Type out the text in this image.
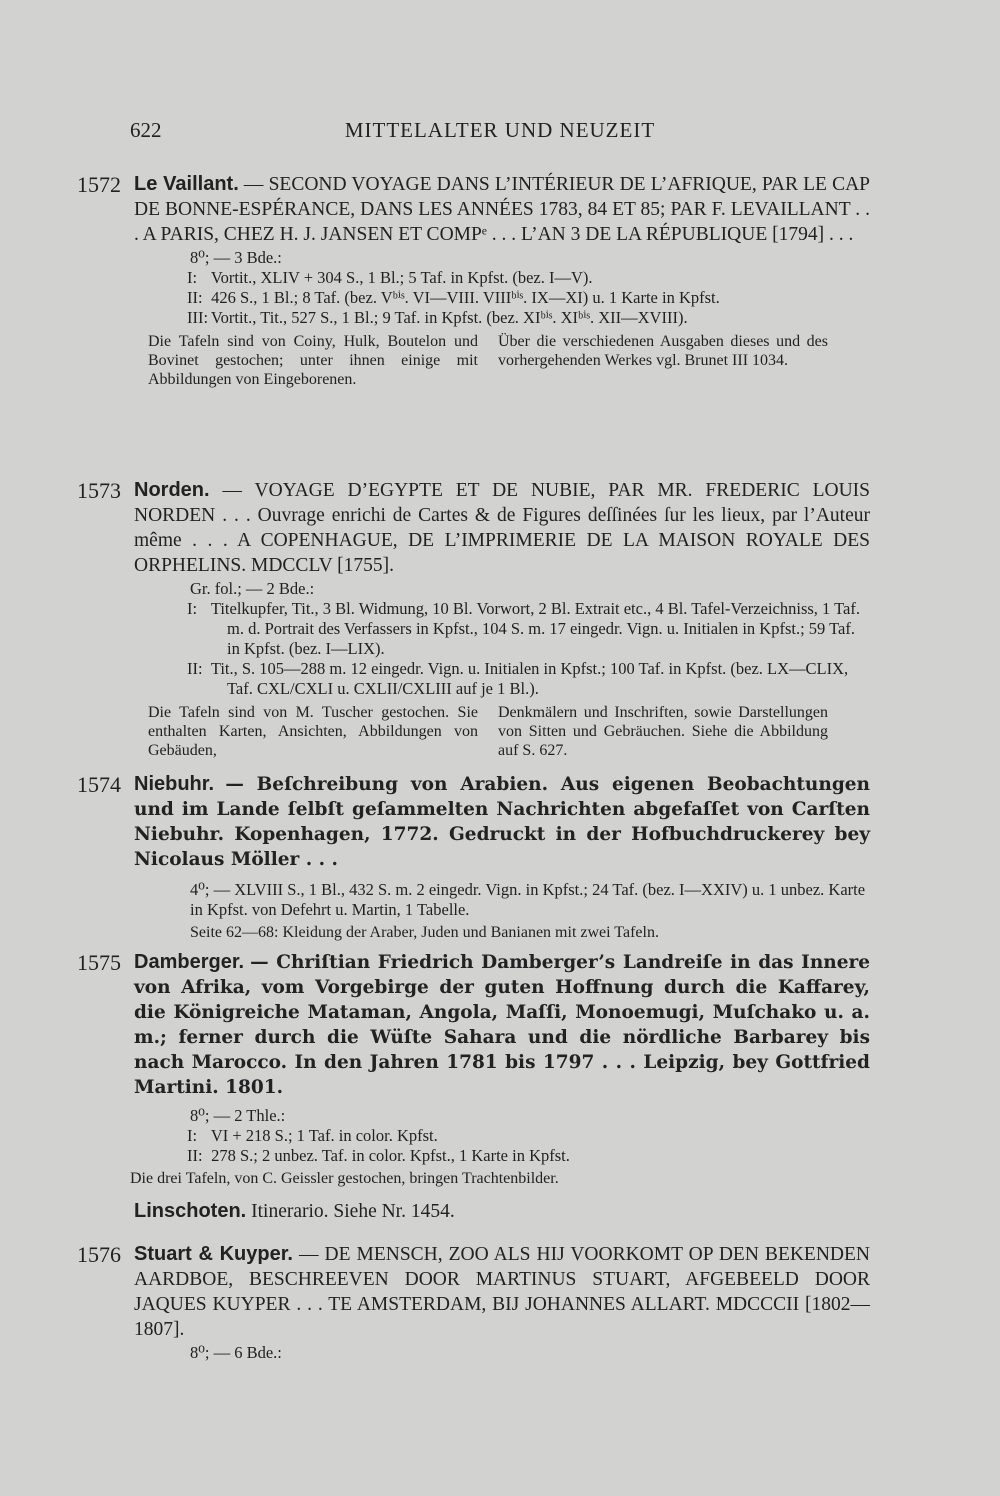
622	MITTELALTER UND NEUZEIT
1572 Le Vaillant. — SECOND VOYAGE DANS L’INTÉRIEUR DE L’AFRIQUE, PAR LE CAP DE BONNE-ESPÉRANCE, DANS LES ANNÉES 1783, 84 ET 85; PAR F. LEVAILLANT . . . A PARIS, CHEZ H. J. JANSEN ET COMPᵉ . . . L’AN 3 DE LA RÉPUBLIQUE [1794] . . .
8⁰; — 3 Bde.:
I: Vortit., XLIV + 304 S., 1 Bl.; 5 Taf. in Kpfst. (bez. I—V).
II: 426 S., 1 Bl.; 8 Taf. (bez. Vᵇⁱˢ. VI—VIII. VIIIᵇⁱˢ. IX—XI) u. 1 Karte in Kpfst.
III: Vortit., Tit., 527 S., 1 Bl.; 9 Taf. in Kpfst. (bez. XIᵇⁱˢ. XIᵇⁱˢ. XII—XVIII).
Die Tafeln sind von Coiny, Hulk, Boutelon und Bovinet gestochen; unter ihnen einige mit Abbildungen von Eingeborenen.
Über die verschiedenen Ausgaben dieses und des vorhergehenden Werkes vgl. Brunet III 1034.
1573 Norden. — VOYAGE D’EGYPTE ET DE NUBIE, PAR MR. FREDERIC LOUIS NORDEN . . . Ouvrage enrichi de Cartes & de Figures deſſinées ſur les lieux, par l’Auteur même . . . A COPENHAGUE, DE L’IMPRIMERIE DE LA MAISON ROYALE DES ORPHELINS. MDCCLV [1755].
Gr. fol.; — 2 Bde.:
I: Titelkupfer, Tit., 3 Bl. Widmung, 10 Bl. Vorwort, 2 Bl. Extrait etc., 4 Bl. Tafel-Verzeichniss, 1 Taf. m. d. Portrait des Verfassers in Kpfst., 104 S. m. 17 eingedr. Vign. u. Initialen in Kpfst.; 59 Taf. in Kpfst. (bez. I—LIX).
II: Tit., S. 105—288 m. 12 eingedr. Vign. u. Initialen in Kpfst.; 100 Taf. in Kpfst. (bez. LX—CLIX, Taf. CXL/CXLI u. CXLII/CXLIII auf je 1 Bl.).
Die Tafeln sind von M. Tuscher gestochen. Sie enthalten Karten, Ansichten, Abbildungen von Gebäuden,
Denkmälern und Inschriften, sowie Darstellungen von Sitten und Gebräuchen. Siehe die Abbildung auf S. 627.
1574 Niebuhr. — Beſchreibung von Arabien. Aus eigenen Beobachtungen und im Lande ſelbſt geſammelten Nachrichten abgefaſſet von Carſten Niebuhr. Kopenhagen, 1772. Gedruckt in der Hofbuchdruckerey bey Nicolaus Möller . . .
4⁰; — XLVIII S., 1 Bl., 432 S. m. 2 eingedr. Vign. in Kpfst.; 24 Taf. (bez. I—XXIV) u. 1 unbez. Karte in Kpfst. von Defehrt u. Martin, 1 Tabelle.
Seite 62—68: Kleidung der Araber, Juden und Banianen mit zwei Tafeln.
1575 Damberger. — Chriſtian Friedrich Damberger’s Landreiſe in das Innere von Afrika, vom Vorgebirge der guten Hoffnung durch die Kaffarey, die Königreiche Mataman, Angola, Maſſi, Monoemugi, Muſchako u. a. m.; ferner durch die Wüſte Sahara und die nördliche Barbarey bis nach Marocco. In den Jahren 1781 bis 1797 . . . Leipzig, bey Gottfried Martini. 1801.
8⁰; — 2 Thle.:
I: VI + 218 S.; 1 Taf. in color. Kpfst.
II: 278 S.; 2 unbez. Taf. in color. Kpfst., 1 Karte in Kpfst.
Die drei Tafeln, von C. Geissler gestochen, bringen Trachtenbilder.
Linschoten. Itinerario. Siehe Nr. 1454.
1576 Stuart & Kuyper. — DE MENSCH, ZOO ALS HIJ VOORKOMT OP DEN BEKENDEN AARDBOE, BESCHREEVEN DOOR MARTINUS STUART, AFGEBEELD DOOR JAQUES KUYPER . . . TE AMSTERDAM, BIJ JOHANNES ALLART. MDCCCII [1802—1807].
8⁰; — 6 Bde.:
